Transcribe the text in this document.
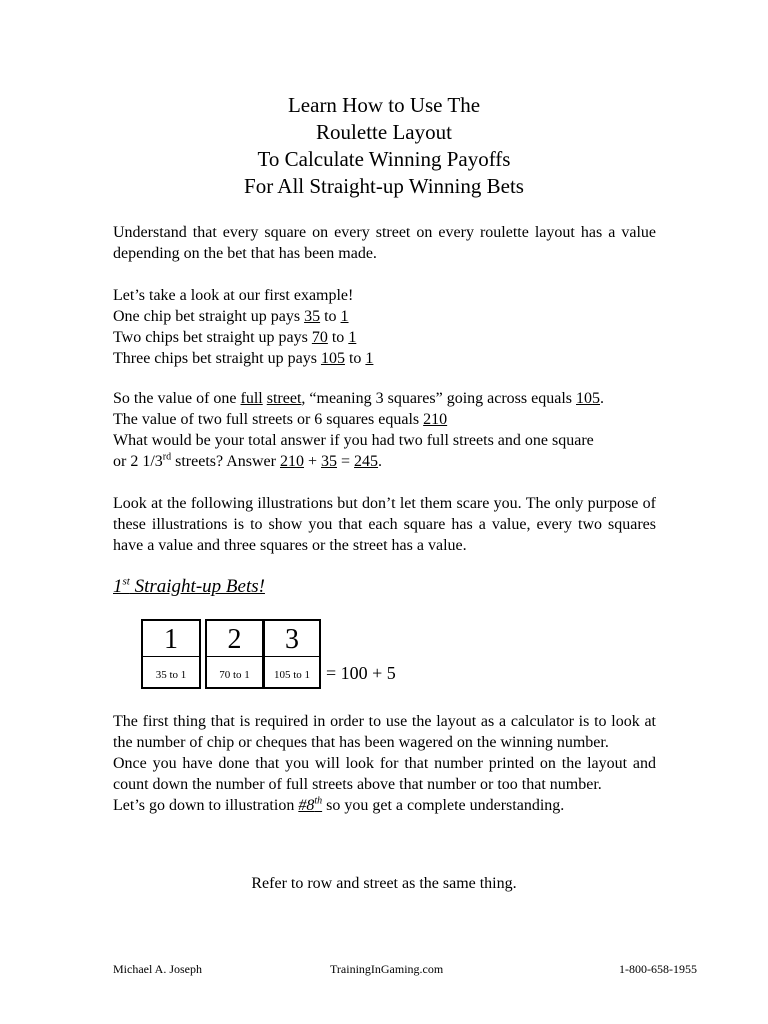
Learn How to Use The
Roulette Layout
To Calculate Winning Payoffs
For All Straight-up Winning Bets
Understand that every square on every street on every roulette layout has a value depending on the bet that has been made.
Let’s take a look at our first example!
One chip bet straight up pays 35 to 1
Two chips bet straight up pays 70 to 1
Three chips bet straight up pays 105 to 1
So the value of one full street, “meaning 3 squares” going across equals 105.
The value of two full streets or 6 squares equals 210
What would be your total answer if you had two full streets and one square
or 2 1/3rd streets? Answer 210 + 35 = 245.
Look at the following illustrations but don’t let them scare you. The only purpose of these illustrations is to show you that each square has a value, every two squares have a value and three squares or the street has a value.
1st Straight-up Bets!
1
35 to 1
2
70 to 1
3
105 to 1 = 100 + 5
The first thing that is required in order to use the layout as a calculator is to look at the number of chip or cheques that has been wagered on the winning number.
Once you have done that you will look for that number printed on the layout and count down the number of full streets above that number or too that number.
Let’s go down to illustration #8th so you get a complete understanding.
Refer to row and street as the same thing.
Michael A. Joseph	TrainingInGaming.com	1-800-658-1955
